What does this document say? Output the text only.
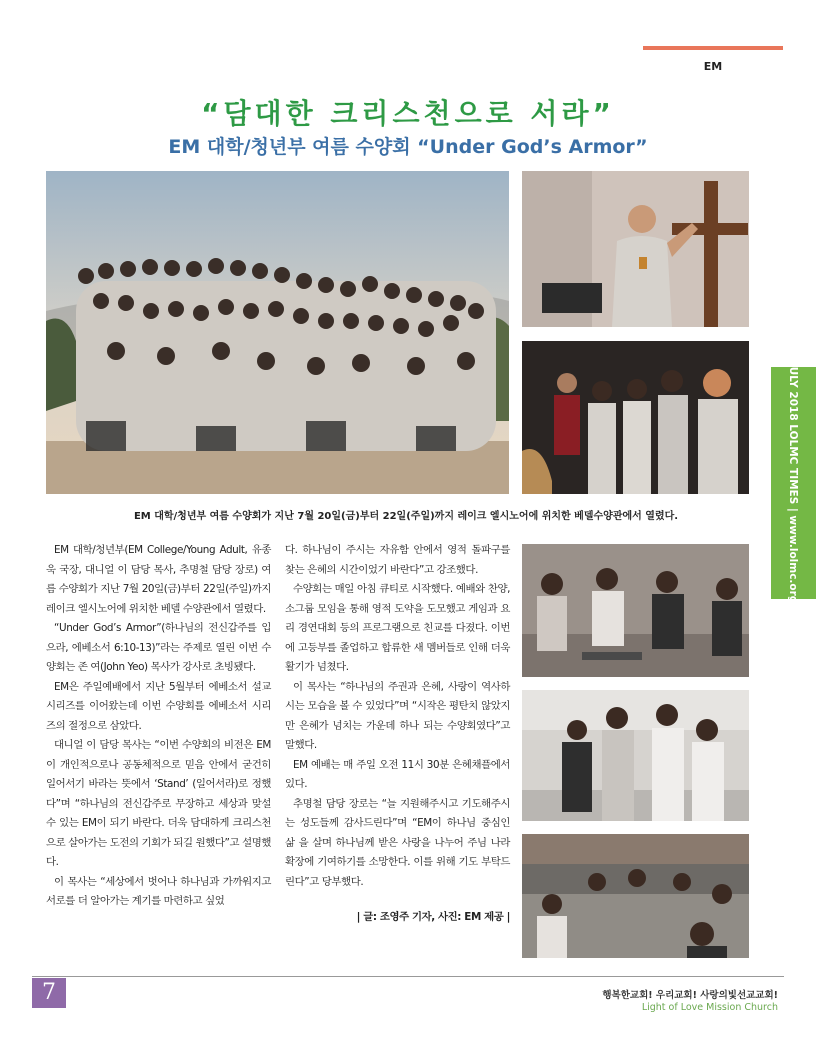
EM
“담대한 크리스천으로 서라”
EM 대학/청년부 여름 수양회 “Under God’s Armor”
JULY 2018 LOLMC TIMES | www.lolmc.org
EM 대학/청년부 여름 수양회가 지난 7월 20일(금)부터 22일(주일)까지 레이크 엘시노어에 위치한 베델수양관에서 열렸다.

EM 대학/청년부(EM College/Young Adult, 유종욱 국장, 대니얼 이 담당 목사, 추명철 담당 장로) 여름 수양회가 지난 7월 20일(금)부터 22일(주일)까지 레이크 엘시노어에 위치한 베델 수양관에서 열렸다.

“Under God’s Armor”(하나님의 전신갑주를 입으라, 에베소서 6:10-13)”라는 주제로 열린 이번 수양회는 존 여(John Yeo) 목사가 강사로 초빙됐다.

EM은 주일예배에서 지난 5월부터 에베소서 설교 시리즈를 이어왔는데 이번 수양회를 에베소서 시리즈의 절정으로 삼았다.

대니얼 이 담당 목사는 “이번 수양회의 비전은 EM이 개인적으로나 공동체적으로 믿음 안에서 굳건히 일어서기 바라는 뜻에서 ‘Stand’ (일어서라)로 정했다”며 “하나님의 전신갑주로 무장하고 세상과 맞설 수 있는 EM이 되기 바란다. 더욱 담대하게 크리스천으로 살아가는 도전의 기회가 되길 원했다”고 설명했다.

이 목사는 “세상에서 벗어나 하나님과 가까워지고 서로를 더 알아가는 계기를 마련하고 싶었

다. 하나님이 주시는 자유함 안에서 영적 돌파구를 찾는 은혜의 시간이었기 바란다”고 강조했다.

수양회는 매일 아침 큐티로 시작했다. 예배와 찬양, 소그룹 모임을 통해 영적 도약을 도모했고 게임과 요리 경연대회 등의 프로그램으로 친교를 다졌다. 이번에 고등부를 졸업하고 합류한 새 멤버들로 인해 더욱 활기가 넘쳤다.

이 목사는 “하나님의 주권과 은혜, 사랑이 역사하시는 모습을 볼 수 있었다”며 “시작은 평탄치 않았지만 은혜가 넘치는 가운데 하나 되는 수양회였다”고 말했다.

EM 예배는 매 주일 오전 11시 30분 은혜채플에서 있다.

추명철 담당 장로는 “늘 지원해주시고 기도해주시는 성도들께 감사드린다”며 “EM이 하나님 중심인 삶 을 살며 하나님께 받은 사랑을 나누어 주님 나라 확장에 기여하기를 소망한다. 이를 위해 기도 부탁드린다”고 당부했다.

| 글: 조영주 기자, 사진: EM 제공 |

7	행복한교회! 우리교회! 사랑의빛선교교회!
Light of Love Mission Church
